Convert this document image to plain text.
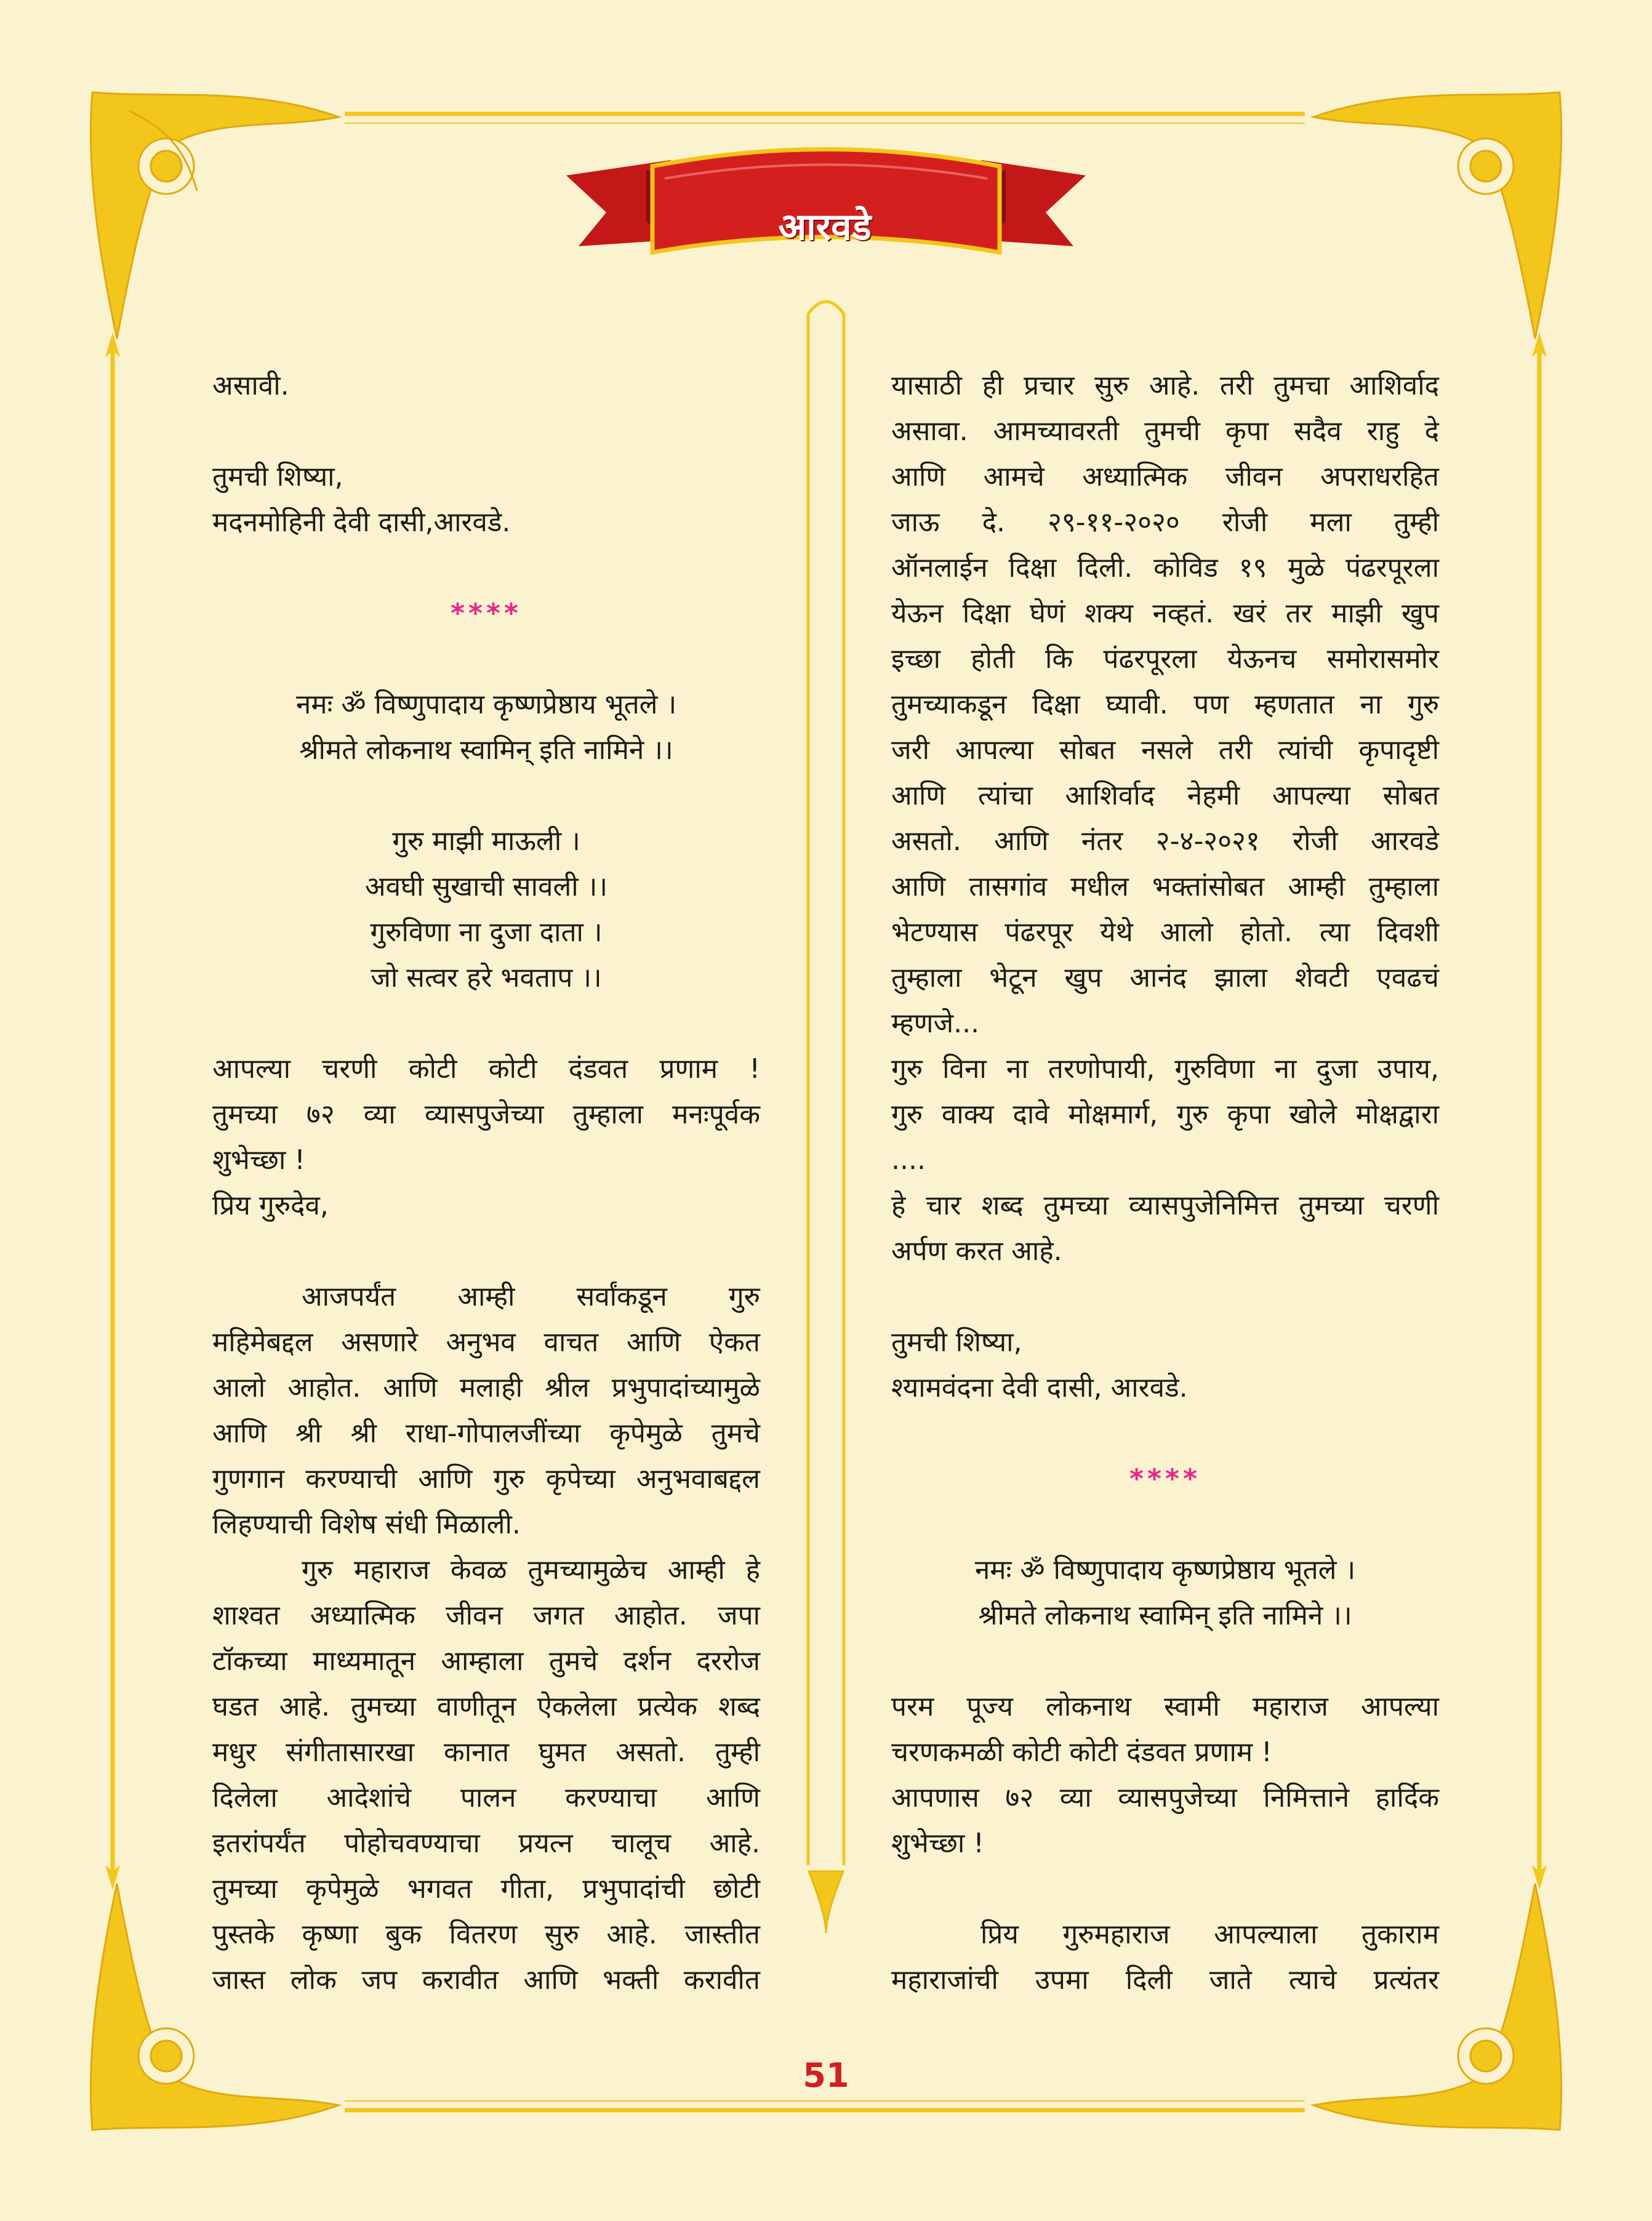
आरवडे

असावी.

तुमची शिष्या,

मदनमोहिनी देवी दासी,आरवडे.

****

नमः ॐ विष्णुपादाय कृष्णप्रेष्ठाय भूतले ।

श्रीमते लोकनाथ स्वामिन् इति नामिने ।।

गुरु माझी माऊली ।

अवघी सुखाची सावली ।।

गुरुविणा ना दुजा दाता ।

जो सत्वर हरे भवताप ।।

आपल्या चरणी कोटी कोटी दंडवत प्रणाम !

तुमच्या ७२ व्या व्यासपुजेच्या तुम्हाला मनःपूर्वक

शुभेच्छा !

प्रिय गुरुदेव,

आजपर्यंत आम्ही सर्वांकडून गुरु

महिमेबद्दल असणारे अनुभव वाचत आणि ऐकत

आलो आहोत. आणि मलाही श्रील प्रभुपादांच्यामुळे

आणि श्री श्री राधा-गोपालजींच्या कृपेमुळे तुमचे

गुणगान करण्याची आणि गुरु कृपेच्या अनुभवाबद्दल

लिहण्याची विशेष संधी मिळाली.

गुरु महाराज केवळ तुमच्यामुळेच आम्ही हे

शाश्वत अध्यात्मिक जीवन जगत आहोत. जपा

टॉकच्या माध्यमातून आम्हाला तुमचे दर्शन दररोज

घडत आहे. तुमच्या वाणीतून ऐकलेला प्रत्येक शब्द

मधुर संगीतासारखा कानात घुमत असतो. तुम्ही

दिलेला आदेशांचे पालन करण्याचा आणि

इतरांपर्यंत पोहोचवण्याचा प्रयत्न चालूच आहे.

तुमच्या कृपेमुळे भगवत गीता, प्रभुपादांची छोटी

पुस्तके कृष्णा बुक वितरण सुरु आहे. जास्तीत

जास्त लोक जप करावीत आणि भक्ती करावीत

यासाठी ही प्रचार सुरु आहे. तरी तुमचा आशिर्वाद

असावा. आमच्यावरती तुमची कृपा सदैव राहु दे

आणि आमचे अध्यात्मिक जीवन अपराधरहित

जाऊ दे. २९-११-२०२० रोजी मला तुम्ही

ऑनलाईन दिक्षा दिली. कोविड १९ मुळे पंढरपूरला

येऊन दिक्षा घेणं शक्य नव्हतं. खरं तर माझी खुप

इच्छा होती कि पंढरपूरला येऊनच समोरासमोर

तुमच्याकडून दिक्षा घ्यावी. पण म्हणतात ना गुरु

जरी आपल्या सोबत नसले तरी त्यांची कृपादृष्टी

आणि त्यांचा आशिर्वाद नेहमी आपल्या सोबत

असतो. आणि नंतर २-४-२०२१ रोजी आरवडे

आणि तासगांव मधील भक्तांसोबत आम्ही तुम्हाला

भेटण्यास पंढरपूर येथे आलो होतो. त्या दिवशी

तुम्हाला भेटून खुप आनंद झाला शेवटी एवढचं

म्हणजे...

गुरु विना ना तरणोपायी, गुरुविणा ना दुजा उपाय,

गुरु वाक्य दावे मोक्षमार्ग, गुरु कृपा खोले मोक्षद्वारा

....

हे चार शब्द तुमच्या व्यासपुजेनिमित्त तुमच्या चरणी

अर्पण करत आहे.

तुमची शिष्या,

श्यामवंदना देवी दासी, आरवडे.

****

नमः ॐ विष्णुपादाय कृष्णप्रेष्ठाय भूतले ।

श्रीमते लोकनाथ स्वामिन् इति नामिने ।।

परम पूज्य लोकनाथ स्वामी महाराज आपल्या

चरणकमळी कोटी कोटी दंडवत प्रणाम !

आपणास ७२ व्या व्यासपुजेच्या निमित्ताने हार्दिक

शुभेच्छा !

प्रिय गुरुमहाराज आपल्याला तुकाराम

महाराजांची उपमा दिली जाते त्याचे प्रत्यंतर

51
